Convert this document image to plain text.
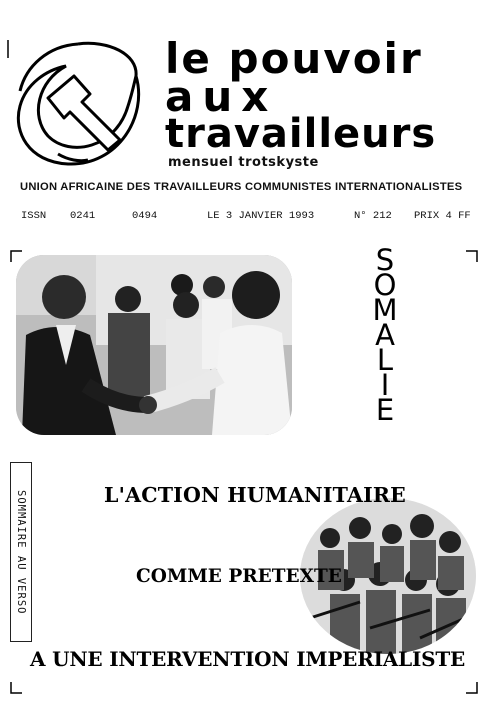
le pouvoir
aux
travailleurs
mensuel trotskyste
UNION AFRICAINE DES TRAVAILLEURS COMMUNISTES INTERNATIONALISTES
ISSN 0241	0494	LE 3 JANVIER 1993	N° 212 PRIX 4 FF
S
O
M
A
L
I
E
SOMMAIRE AU VERSO	L'ACTION HUMANITAIRE
COMME PRETEXTE
A UNE INTERVENTION IMPERIALISTE
